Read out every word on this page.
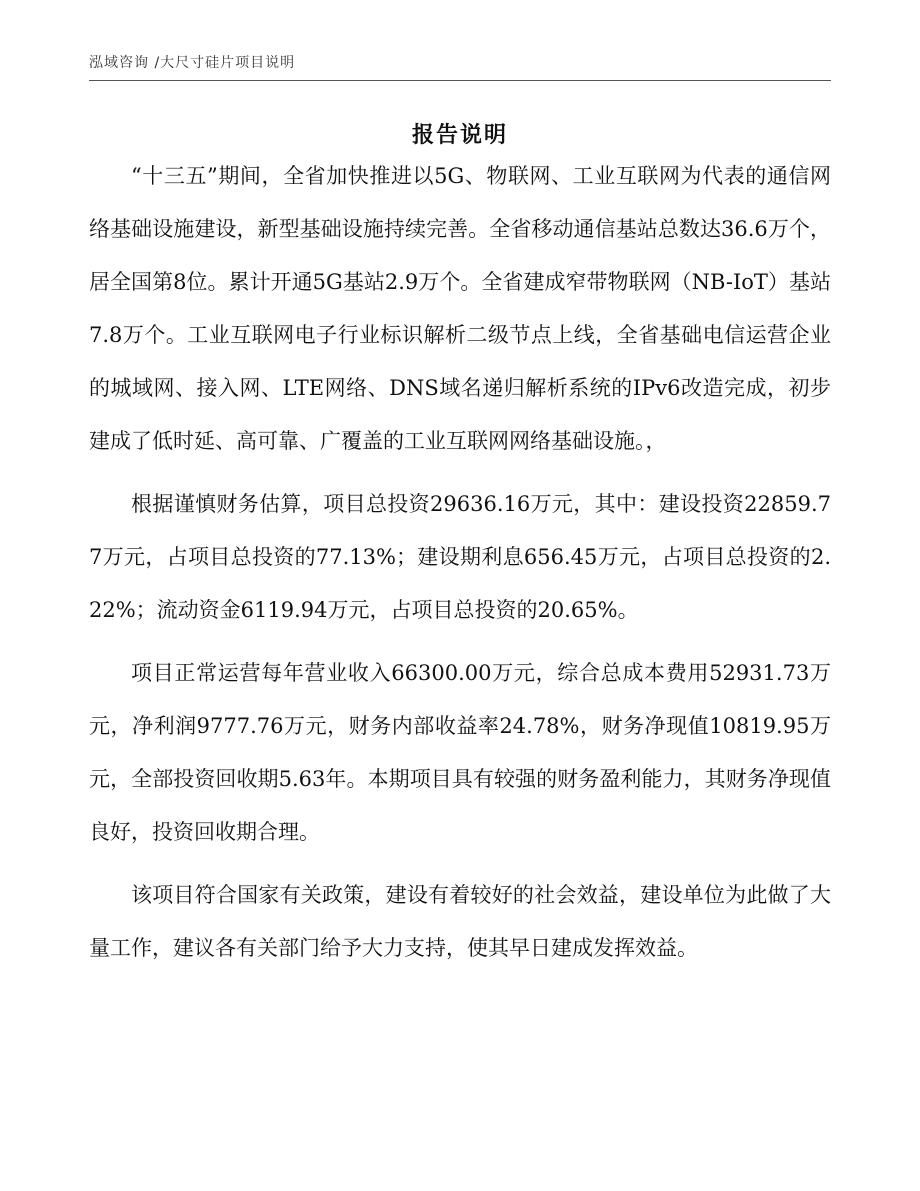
泓域咨询 /大尺寸硅片项目说明
报告说明

“十三五”期间，全省加快推进以5G、物联网、工业互联网为代表的通信网络基础设施建设，新型基础设施持续完善。全省移动通信基站总数达36.6万个，居全国第8位。累计开通5G基站2.9万个。全省建成窄带物联网（NB-IoT）基站7.8万个。工业互联网电子行业标识解析二级节点上线，全省基础电信运营企业的城域网、接入网、LTE网络、DNS域名递归解析系统的IPv6改造完成，初步建成了低时延、高可靠、广覆盖的工业互联网网络基础设施。，

根据谨慎财务估算，项目总投资29636.16万元，其中：建设投资22859.77万元，占项目总投资的77.13%；建设期利息656.45万元，占项目总投资的2.22%；流动资金6119.94万元，占项目总投资的20.65%。

项目正常运营每年营业收入66300.00万元，综合总成本费用52931.73万元，净利润9777.76万元，财务内部收益率24.78%，财务净现值10819.95万元，全部投资回收期5.63年。本期项目具有较强的财务盈利能力，其财务净现值良好，投资回收期合理。

该项目符合国家有关政策，建设有着较好的社会效益，建设单位为此做了大量工作，建议各有关部门给予大力支持，使其早日建成发挥效益。
